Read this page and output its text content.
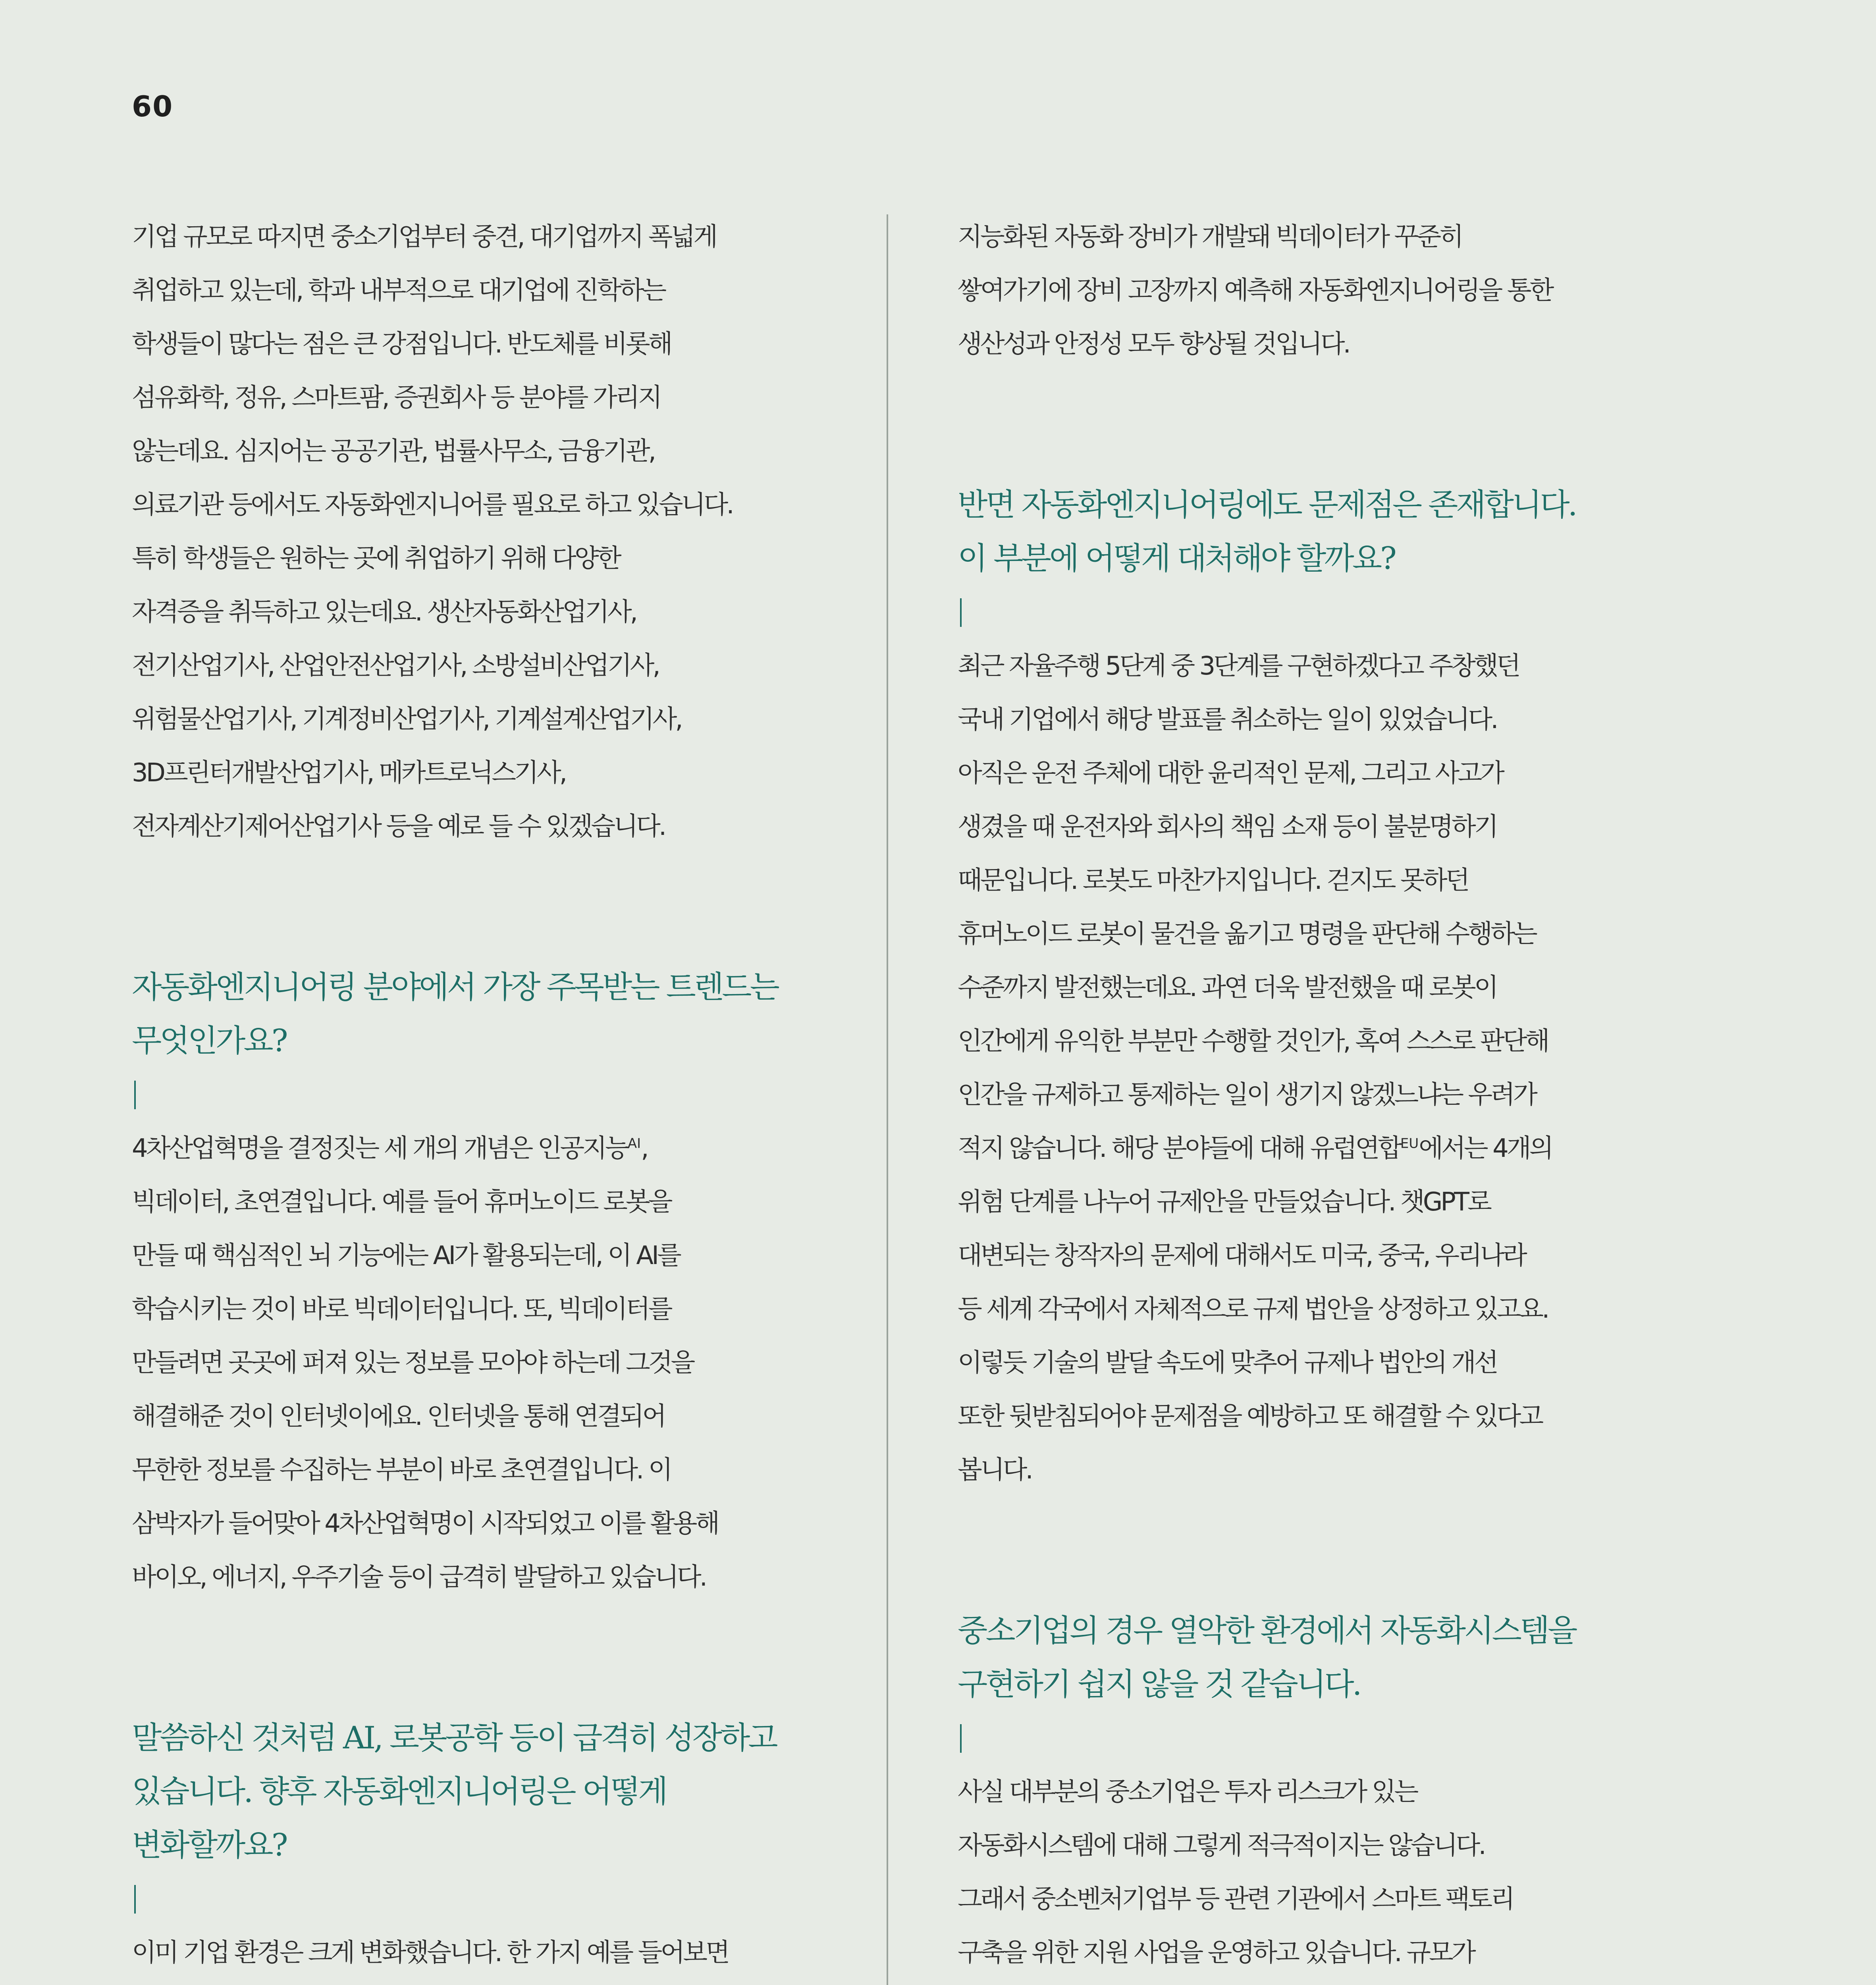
60

기업 규모로 따지면 중소기업부터 중견, 대기업까지 폭넓게
취업하고 있는데, 학과 내부적으로 대기업에 진학하는
학생들이 많다는 점은 큰 강점입니다. 반도체를 비롯해
섬유화학, 정유, 스마트팜, 증권회사 등 분야를 가리지
않는데요. 심지어는 공공기관, 법률사무소, 금융기관,
의료기관 등에서도 자동화엔지니어를 필요로 하고 있습니다.
특히 학생들은 원하는 곳에 취업하기 위해 다양한
자격증을 취득하고 있는데요. 생산자동화산업기사,
전기산업기사, 산업안전산업기사, 소방설비산업기사,
위험물산업기사, 기계정비산업기사, 기계설계산업기사,
3D프린터개발산업기사, 메카트로닉스기사,
전자계산기제어산업기사 등을 예로 들 수 있겠습니다.

자동화엔지니어링 분야에서 가장 주목받는 트렌드는
무엇인가요?

4차산업혁명을 결정짓는 세 개의 개념은 인공지능$^{AI}$,
빅데이터, 초연결입니다. 예를 들어 휴머노이드 로봇을
만들 때 핵심적인 뇌 기능에는 AI가 활용되는데, 이 AI를
학습시키는 것이 바로 빅데이터입니다. 또, 빅데이터를
만들려면 곳곳에 퍼져 있는 정보를 모아야 하는데 그것을
해결해준 것이 인터넷이에요. 인터넷을 통해 연결되어
무한한 정보를 수집하는 부분이 바로 초연결입니다. 이
삼박자가 들어맞아 4차산업혁명이 시작되었고 이를 활용해
바이오, 에너지, 우주기술 등이 급격히 발달하고 있습니다.

말씀하신 것처럼 AI, 로봇공학 등이 급격히 성장하고
있습니다. 향후 자동화엔지니어링은 어떻게
변화할까요?

이미 기업 환경은 크게 변화했습니다. 한 가지 예를 들어보면

지능화된 자동화 장비가 개발돼 빅데이터가 꾸준히
쌓여가기에 장비 고장까지 예측해 자동화엔지니어링을 통한
생산성과 안정성 모두 향상될 것입니다.

반면 자동화엔지니어링에도 문제점은 존재합니다.
이 부분에 어떻게 대처해야 할까요?

최근 자율주행 5단계 중 3단계를 구현하겠다고 주창했던
국내 기업에서 해당 발표를 취소하는 일이 있었습니다.
아직은 운전 주체에 대한 윤리적인 문제, 그리고 사고가
생겼을 때 운전자와 회사의 책임 소재 등이 불분명하기
때문입니다. 로봇도 마찬가지입니다. 걷지도 못하던
휴머노이드 로봇이 물건을 옮기고 명령을 판단해 수행하는
수준까지 발전했는데요. 과연 더욱 발전했을 때 로봇이
인간에게 유익한 부분만 수행할 것인가, 혹여 스스로 판단해
인간을 규제하고 통제하는 일이 생기지 않겠느냐는 우려가
적지 않습니다. 해당 분야들에 대해 유럽연합$^{EU}$에서는 4개의
위험 단계를 나누어 규제안을 만들었습니다. 챗GPT로
대변되는 창작자의 문제에 대해서도 미국, 중국, 우리나라
등 세계 각국에서 자체적으로 규제 법안을 상정하고 있고요.
이렇듯 기술의 발달 속도에 맞추어 규제나 법안의 개선
또한 뒷받침되어야 문제점을 예방하고 또 해결할 수 있다고
봅니다.

중소기업의 경우 열악한 환경에서 자동화시스템을
구현하기 쉽지 않을 것 같습니다.

사실 대부분의 중소기업은 투자 리스크가 있는
자동화시스템에 대해 그렇게 적극적이지는 않습니다.
그래서 중소벤처기업부 등 관련 기관에서 스마트 팩토리
구축을 위한 지원 사업을 운영하고 있습니다. 규모가
